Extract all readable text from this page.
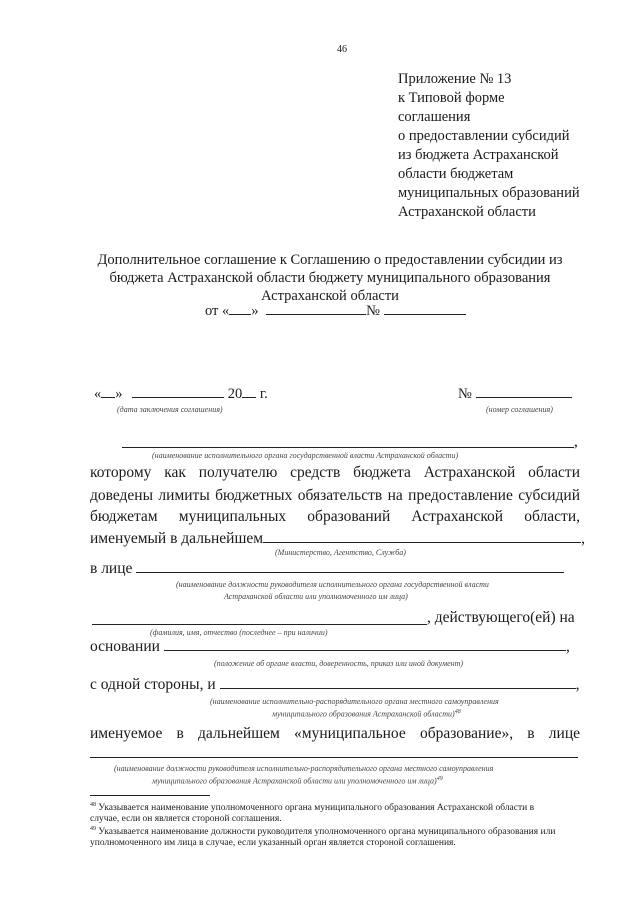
46
Приложение № 13
к Типовой форме
соглашения
о предоставлении субсидий
из бюджета Астраханской
области бюджетам
муниципальных образований
Астраханской области
Дополнительное соглашение к Соглашению о предоставлении субсидии из
бюджета Астраханской области бюджету муниципального образования
Астраханской области
от « »	№
« »	20 г.
(дата заключения соглашения)
№
(номер соглашения)
,
(наименование исполнительного органа государственной власти Астраханской области)
которому как получателю средств бюджета Астраханской области
доведены лимиты бюджетных обязательств на предоставление субсидий
бюджетам муниципальных образований Астраханской области,
именуемый в дальнейшем	,
(Министерство, Агентство, Служба)
в лице
(наименование должности руководителя исполнительного органа государственной власти
Астраханской области или уполномоченного им лица)
, действующего(ей) на
(фамилия, имя, отчество (последнее – при наличии)
основании	,
(положение об органе власти, доверенность, приказ или иной документ)
с одной стороны, и	,
(наименование исполнительно-распорядительного органа местного самоуправления
муниципального образования Астраханской области)$^{48}$
именуемое в дальнейшем «муниципальное образование», в лице
(наименование должности руководителя исполнительно-распорядительного органа местного самоуправления
муниципального образования Астраханской области или уполномоченного им лица)$^{49}$
$^{48}$ Указывается наименование уполномоченного органа муниципального образования Астраханской области в
случае, если он является стороной соглашения.
$^{49}$ Указывается наименование должности руководителя уполномоченного органа муниципального образования или
уполномоченного им лица в случае, если указанный орган является стороной соглашения.
